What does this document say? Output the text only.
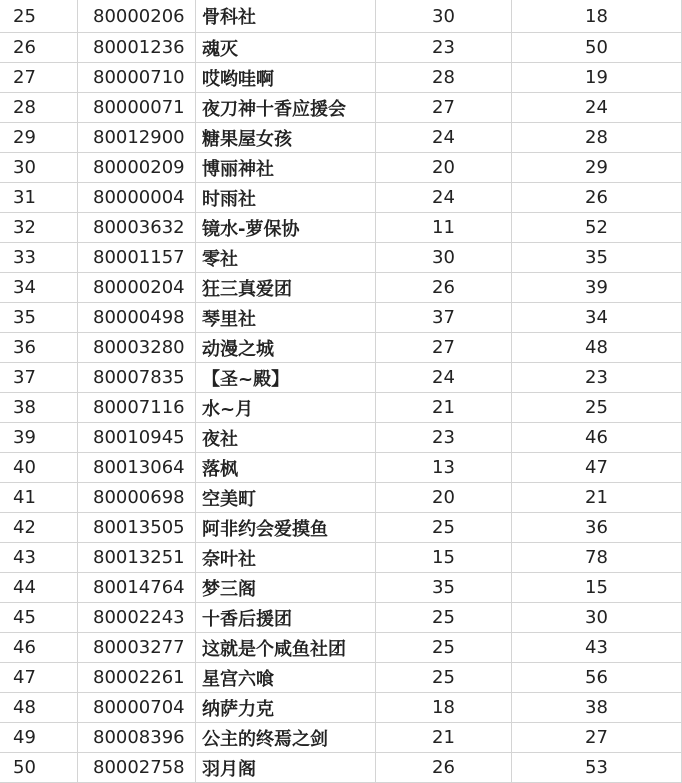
25	80000206 骨科社	30	18
26	80001236 魂灭	23	50
27	80000710 哎哟哇啊	28	19
28	80000071 夜刀神十香应援会	27	24
29	80012900 糖果屋女孩	24	28
30	80000209 博丽神社	20	29
31	80000004 时雨社	24	26
32	80003632 镜水-萝保协	11	52
33	80001157 零社	30	35
34	80000204 狂三真爱团	26	39
35	80000498 琴里社	37	34
36	80003280 动漫之城	27	48
37	80007835 【圣~殿】	24	23
38	80007116 水~月	21	25
39	80010945 夜社	23	46
40	80013064 落枫	13	47
41	80000698 空美町	20	21
42	80013505 阿非约会爱摸鱼	25	36
43	80013251 奈叶社	15	78
44	80014764 梦三阁	35	15
45	80002243 十香后援团	25	30
46	80003277 这就是个咸鱼社团	25	43
47	80002261 星宫六喰	25	56
48	80000704 纳萨力克	18	38
49	80008396 公主的终焉之剑	21	27
50	80002758 羽月阁	26	53
